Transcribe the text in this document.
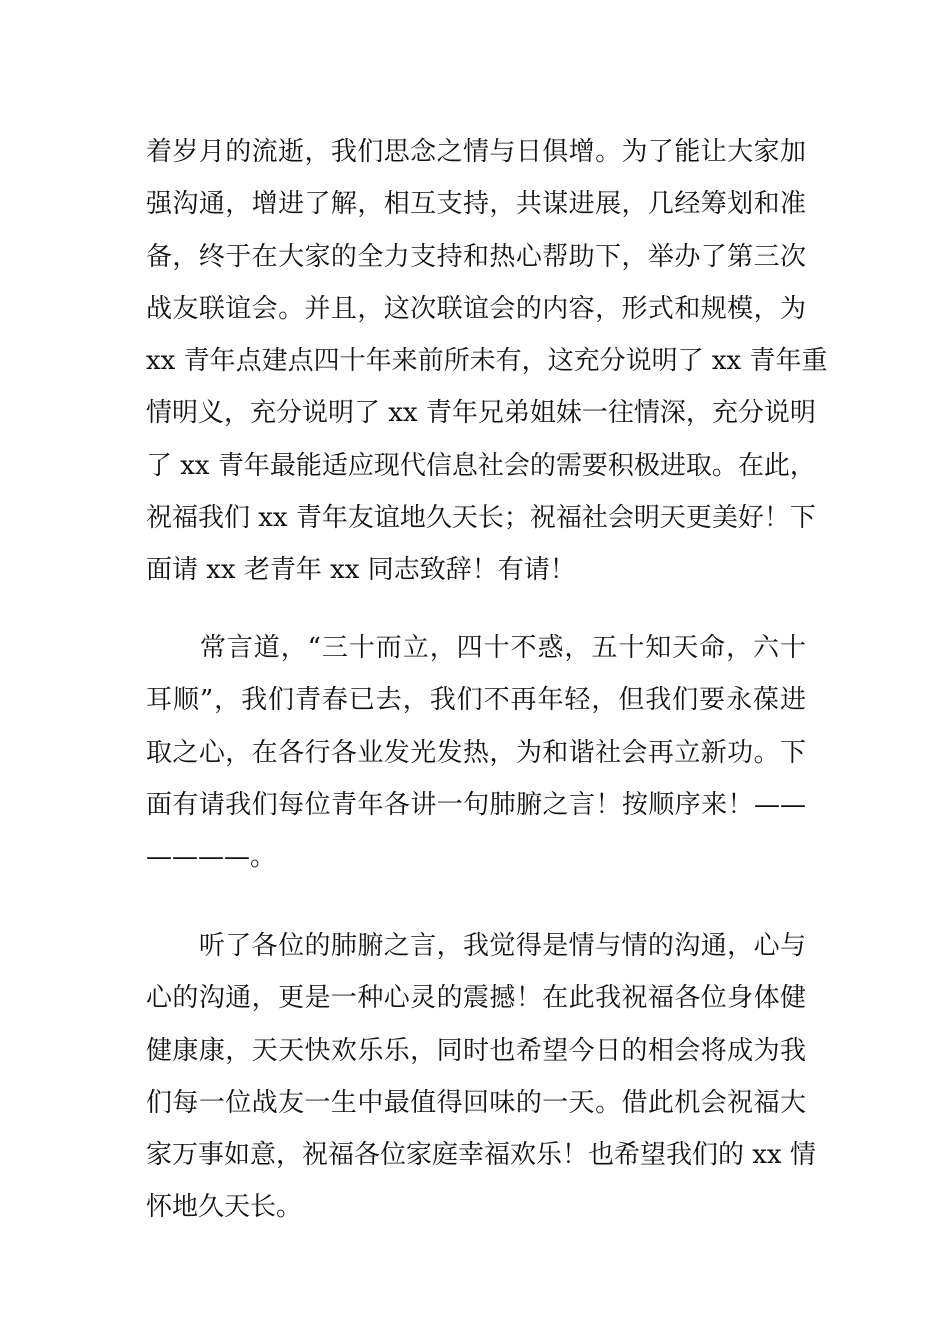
着岁月的流逝，我们思念之情与日俱增。为了能让大家加
强沟通，增进了解，相互支持，共谋进展，几经筹划和准
备，终于在大家的全力支持和热心帮助下，举办了第三次
战友联谊会。并且，这次联谊会的内容，形式和规模，为
xx 青年点建点四十年来前所未有，这充分说明了 xx 青年重
情明义，充分说明了 xx 青年兄弟姐妹一往情深，充分说明
了 xx 青年最能适应现代信息社会的需要积极进取。在此，
祝福我们 xx 青年友谊地久天长；祝福社会明天更美好！下
面请 xx 老青年 xx 同志致辞！有请！
　　常言道，“三十而立，四十不惑，五十知天命，六十
耳顺”，我们青春已去，我们不再年轻，但我们要永葆进
取之心，在各行各业发光发热，为和谐社会再立新功。下
面有请我们每位青年各讲一句肺腑之言！按顺序来！——
————。
　　听了各位的肺腑之言，我觉得是情与情的沟通，心与
心的沟通，更是一种心灵的震撼！在此我祝福各位身体健
健康康，天天快欢乐乐，同时也希望今日的相会将成为我
们每一位战友一生中最值得回味的一天。借此机会祝福大
家万事如意，祝福各位家庭幸福欢乐！也希望我们的 xx 情
怀地久天长。
